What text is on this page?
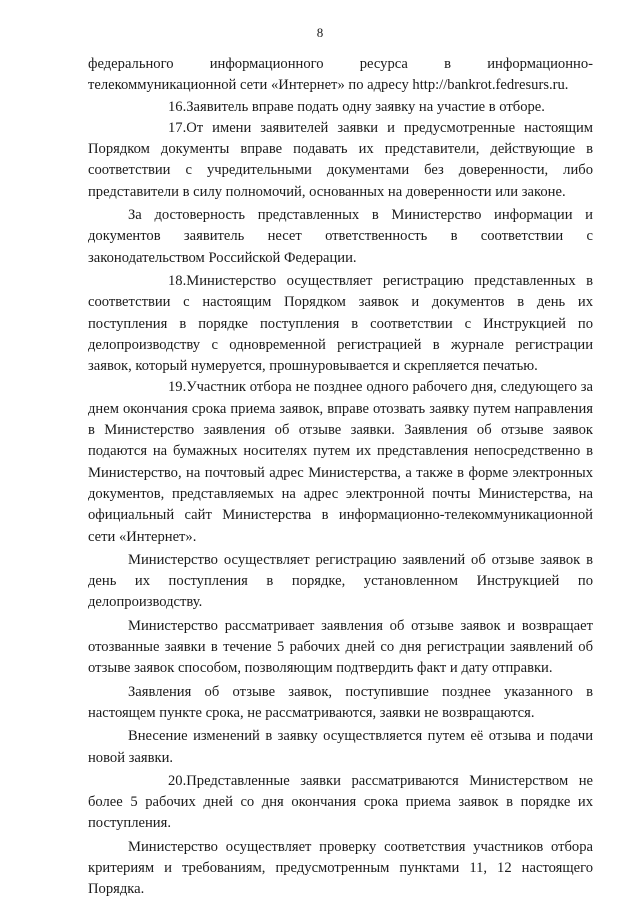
8

федерального информационного ресурса в информационно-телекоммуникационной сети «Интернет» по адресу http://bankrot.fedresurs.ru.

16.Заявитель вправе подать одну заявку на участие в отборе.

17.От имени заявителей заявки и предусмотренные настоящим Порядком документы вправе подавать их представители, действующие в соответствии с учредительными документами без доверенности, либо представители в силу полномочий, основанных на доверенности или законе.

За достоверность представленных в Министерство информации и документов заявитель несет ответственность в соответствии с законодательством Российской Федерации.

18.Министерство осуществляет регистрацию представленных в соответствии с настоящим Порядком заявок и документов в день их поступления в порядке поступления в соответствии с Инструкцией по делопроизводству с одновременной регистрацией в журнале регистрации заявок, который нумеруется, прошнуровывается и скрепляется печатью.

19.Участник отбора не позднее одного рабочего дня, следующего за днем окончания срока приема заявок, вправе отозвать заявку путем направления в Министерство заявления об отзыве заявки. Заявления об отзыве заявок подаются на бумажных носителях путем их представления непосредственно в Министерство, на почтовый адрес Министерства, а также в форме электронных документов, представляемых на адрес электронной почты Министерства, на официальный сайт Министерства в информационно-телекоммуникационной сети «Интернет».

Министерство осуществляет регистрацию заявлений об отзыве заявок в день их поступления в порядке, установленном Инструкцией по делопроизводству.

Министерство рассматривает заявления об отзыве заявок и возвращает отозванные заявки в течение 5 рабочих дней со дня регистрации заявлений об отзыве заявок способом, позволяющим подтвердить факт и дату отправки.

Заявления об отзыве заявок, поступившие позднее указанного в настоящем пункте срока, не рассматриваются, заявки не возвращаются.

Внесение изменений в заявку осуществляется путем её отзыва и подачи новой заявки.

20.Представленные заявки рассматриваются Министерством не более 5 рабочих дней со дня окончания срока приема заявок в порядке их поступления.

Министерство осуществляет проверку соответствия участников отбора критериям и требованиям, предусмотренным пунктами 11, 12 настоящего Порядка.
